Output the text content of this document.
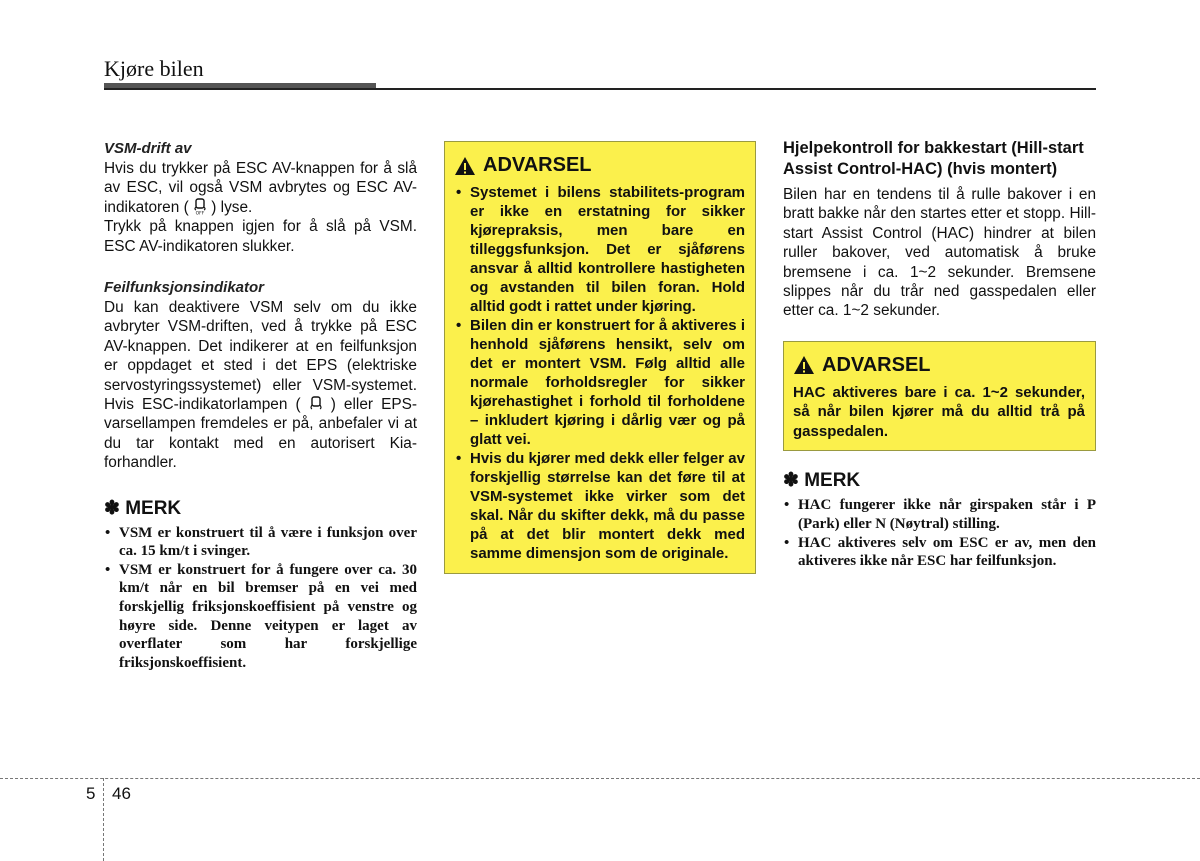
Kjøre bilen

VSM-drift av

Hvis du trykker på ESC AV-knappen for å slå av ESC, vil også VSM avbrytes og ESC AV-indikatoren ( OFF ) lyse.

Trykk på knappen igjen for å slå på VSM. ESC AV-indikatoren slukker.

Feilfunksjonsindikator

Du kan deaktivere VSM selv om du ikke avbryter VSM-driften, ved å trykke på ESC AV-knappen. Det indikerer at en feilfunksjon er oppdaget et sted i det EPS (elektriske servostyringssystemet) eller VSM-systemet. Hvis ESC-indikatorlampen ( ) eller EPS-varsellampen fremdeles er på, anbefaler vi at du tar kontakt med en autorisert Kia-forhandler.

✽ MERK
• VSM er konstruert til å være i funksjon over ca. 15 km/t i svinger.
• VSM er konstruert for å fungere over ca. 30 km/t når en bil bremser på en vei med forskjellig friksjonskoeffisient på venstre og høyre side. Denne veitypen er laget av overflater som har forskjellige friksjonskoeffisient.
ADVARSEL
• Systemet i bilens stabilitets-program er ikke en erstatning for sikker kjørepraksis, men bare en tilleggsfunksjon. Det er sjåførens ansvar å alltid kontrollere hastigheten og avstanden til bilen foran. Hold alltid godt i rattet under kjøring.
• Bilen din er konstruert for å aktiveres i henhold sjåførens hensikt, selv om det er montert VSM. Følg alltid alle normale forholdsregler for sikker kjørehastighet i forhold til forholdene – inkludert kjøring i dårlig vær og på glatt vei.
• Hvis du kjører med dekk eller felger av forskjellig størrelse kan det føre til at VSM-systemet ikke virker som det skal. Når du skifter dekk, må du passe på at det blir montert dekk med samme dimensjon som de originale.

Hjelpekontroll for bakkestart (Hill-start Assist Control-HAC) (hvis montert)

Bilen har en tendens til å rulle bakover i en bratt bakke når den startes etter et stopp. Hill-start Assist Control (HAC) hindrer at bilen ruller bakover, ved automatisk å bruke bremsene i ca. 1~2 sekunder. Bremsene slippes når du trår ned gasspedalen eller etter ca. 1~2 sekunder.

ADVARSEL

HAC aktiveres bare i ca. 1~2 sekunder, så når bilen kjører må du alltid trå på gasspedalen.

✽ MERK
• HAC fungerer ikke når girspaken står i P (Park) eller N (Nøytral) stilling.
• HAC aktiveres selv om ESC er av, men den aktiveres ikke når ESC har feilfunksjon.
5 46
